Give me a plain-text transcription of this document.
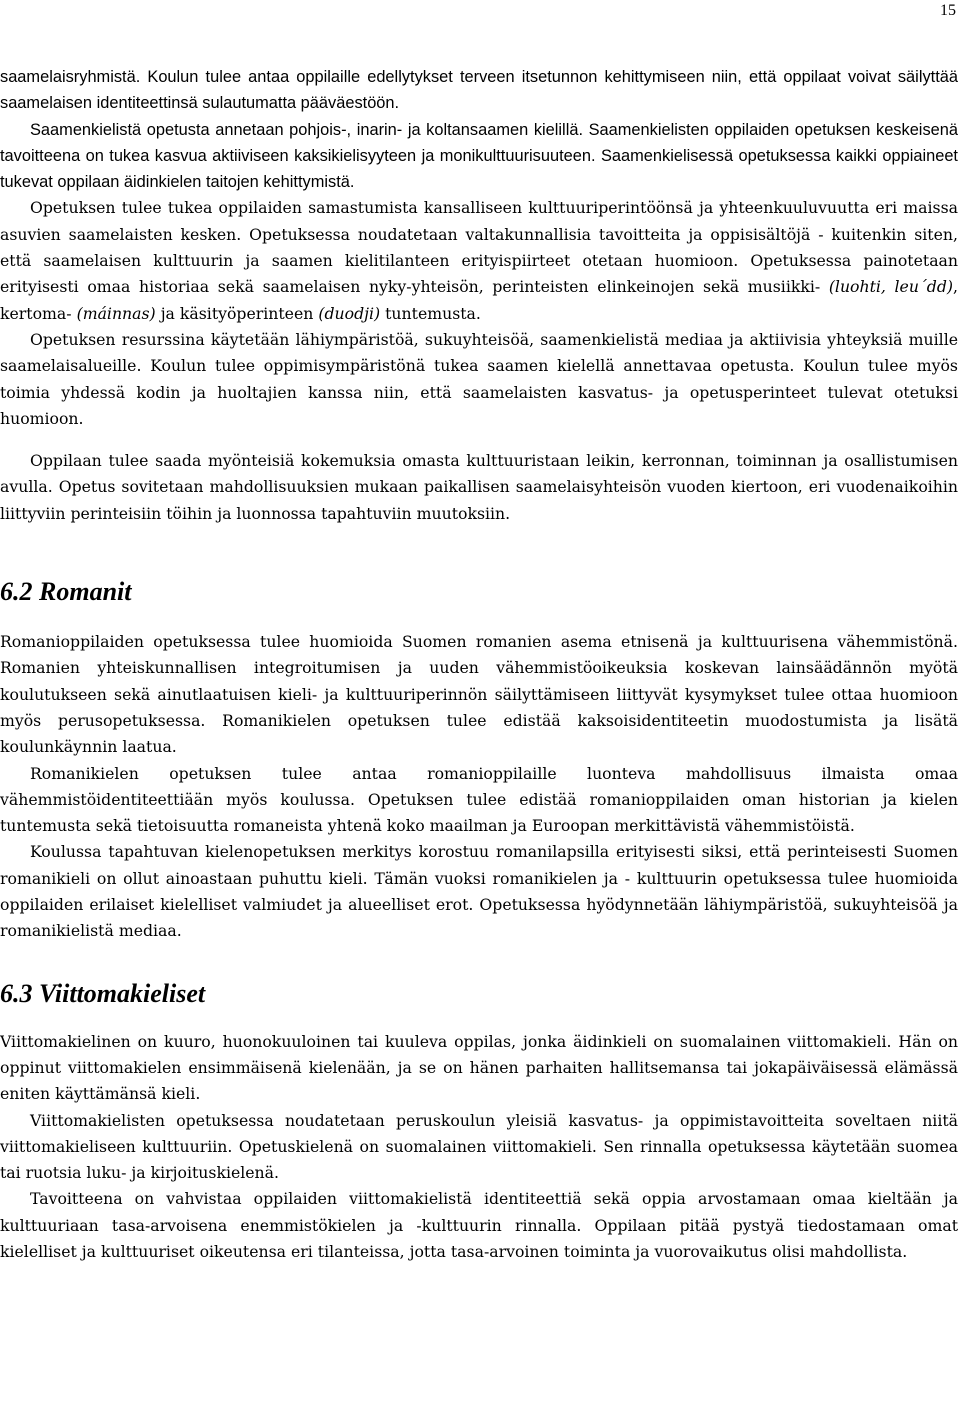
15

saamelaisryhmistä. Koulun tulee antaa oppilaille edellytykset terveen itsetunnon kehittymiseen niin, että oppilaat voivat säilyttää saamelaisen identiteettinsä sulautumatta pääväestöön.

Saamenkielistä opetusta annetaan pohjois-, inarin- ja koltansaamen kielillä. Saamenkielisten oppilaiden opetuksen keskeisenä tavoitteena on tukea kasvua aktiiviseen kaksikielisyyteen ja monikulttuurisuuteen. Saamenkielisessä opetuksessa kaikki oppiaineet tukevat oppilaan äidinkielen taitojen kehittymistä.

Opetuksen tulee tukea oppilaiden samastumista kansalliseen kulttuuriperintöönsä ja yhteenkuuluvuutta eri maissa asuvien saamelaisten kesken. Opetuksessa noudatetaan valtakunnallisia tavoitteita ja oppisisältöjä - kuitenkin siten, että saamelaisen kulttuurin ja saamen kielitilanteen erityispiirteet otetaan huomioon. Opetuksessa painotetaan erityisesti omaa historiaa sekä saamelaisen nyky-yhteisön, perinteisten elinkeinojen sekä musiikki- (luohti, leu´dd), kertoma- (máinnas) ja käsityöperinteen (duodji) tuntemusta.

Opetuksen resurssina käytetään lähiympäristöä, sukuyhteisöä, saamenkielistä mediaa ja aktiivisia yhteyksiä muille saamelaisalueille. Koulun tulee oppimisympäristönä tukea saamen kielellä annettavaa opetusta. Koulun tulee myös toimia yhdessä kodin ja huoltajien kanssa niin, että saamelaisten kasvatus- ja opetusperinteet tulevat otetuksi huomioon.

Oppilaan tulee saada myönteisiä kokemuksia omasta kulttuuristaan leikin, kerronnan, toiminnan ja osallistumisen avulla. Opetus sovitetaan mahdollisuuksien mukaan paikallisen saamelaisyhteisön vuoden kiertoon, eri vuodenaikoihin liittyviin perinteisiin töihin ja luonnossa tapahtuviin muutoksiin.

6.2 Romanit

Romanioppilaiden opetuksessa tulee huomioida Suomen romanien asema etnisenä ja kulttuurisena vähemmistönä. Romanien yhteiskunnallisen integroitumisen ja uuden vähemmistöoikeuksia koskevan lainsäädännön myötä koulutukseen sekä ainutlaatuisen kieli- ja kulttuuriperinnön säilyttämiseen liittyvät kysymykset tulee ottaa huomioon myös perusopetuksessa. Romanikielen opetuksen tulee edistää kaksoisidentiteetin muodostumista ja lisätä koulunkäynnin laatua.

Romanikielen opetuksen tulee antaa romanioppilaille luonteva mahdollisuus ilmaista omaa vähemmistöidentiteettiään myös koulussa. Opetuksen tulee edistää romanioppilaiden oman historian ja kielen tuntemusta sekä tietoisuutta romaneista yhtenä koko maailman ja Euroopan merkittävistä vähemmistöistä.

Koulussa tapahtuvan kielenopetuksen merkitys korostuu romanilapsilla erityisesti siksi, että perinteisesti Suomen romanikieli on ollut ainoastaan puhuttu kieli. Tämän vuoksi romanikielen ja - kulttuurin opetuksessa tulee huomioida oppilaiden erilaiset kielelliset valmiudet ja alueelliset erot. Opetuksessa hyödynnetään lähiympäristöä, sukuyhteisöä ja romanikielistä mediaa.

6.3 Viittomakieliset

Viittomakielinen on kuuro, huonokuuloinen tai kuuleva oppilas, jonka äidinkieli on suomalainen viittomakieli. Hän on oppinut viittomakielen ensimmäisenä kielenään, ja se on hänen parhaiten hallitsemansa tai jokapäiväisessä elämässä eniten käyttämänsä kieli.

Viittomakielisten opetuksessa noudatetaan peruskoulun yleisiä kasvatus- ja oppimistavoitteita soveltaen niitä viittomakieliseen kulttuuriin. Opetuskielenä on suomalainen viittomakieli. Sen rinnalla opetuksessa käytetään suomea tai ruotsia luku- ja kirjoituskielenä.

Tavoitteena on vahvistaa oppilaiden viittomakielistä identiteettiä sekä oppia arvostamaan omaa kieltään ja kulttuuriaan tasa-arvoisena enemmistökielen ja -kulttuurin rinnalla. Oppilaan pitää pystyä tiedostamaan omat kielelliset ja kulttuuriset oikeutensa eri tilanteissa, jotta tasa-arvoinen toiminta ja vuorovaikutus olisi mahdollista.
